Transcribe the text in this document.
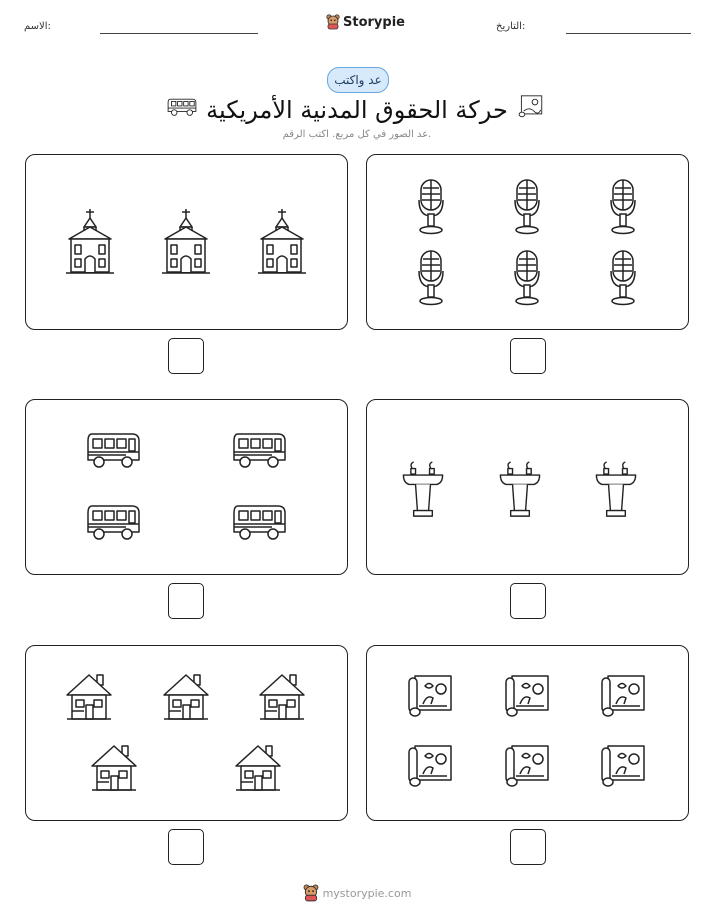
الاسم:	Storypie	التاريخ:
عد واكتب
حركة الحقوق المدنية الأمريكية
عد الصور في كل مربع. اكتب الرقم.
mystorypie.com
